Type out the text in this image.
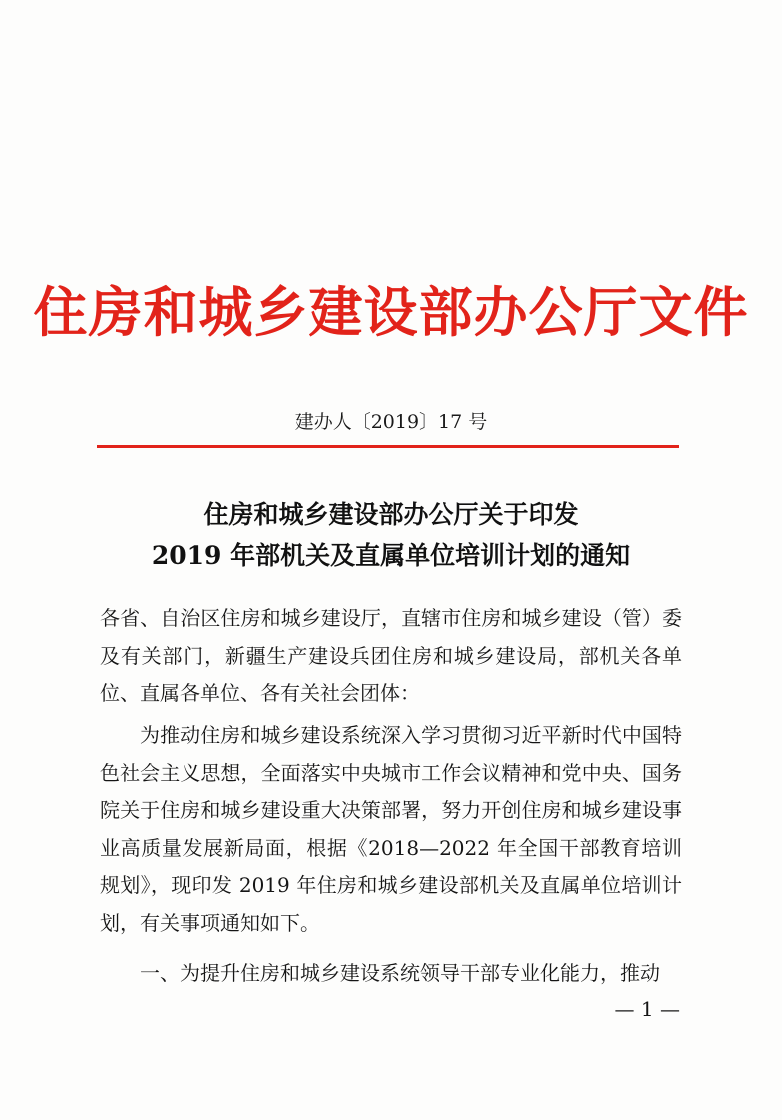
住房和城乡建设部办公厅文件
建办人〔2019〕17 号
住房和城乡建设部办公厅关于印发
2019 年部机关及直属单位培训计划的通知
各省、自治区住房和城乡建设厅，直辖市住房和城乡建设（管）委及有关部门，新疆生产建设兵团住房和城乡建设局，部机关各单位、直属各单位、各有关社会团体：
为推动住房和城乡建设系统深入学习贯彻习近平新时代中国特色社会主义思想，全面落实中央城市工作会议精神和党中央、国务院关于住房和城乡建设重大决策部署，努力开创住房和城乡建设事业高质量发展新局面，根据《2018—2022 年全国干部教育培训规划》，现印发 2019 年住房和城乡建设部机关及直属单位培训计划，有关事项通知如下。
一、为提升住房和城乡建设系统领导干部专业化能力，推动
— 1 —
